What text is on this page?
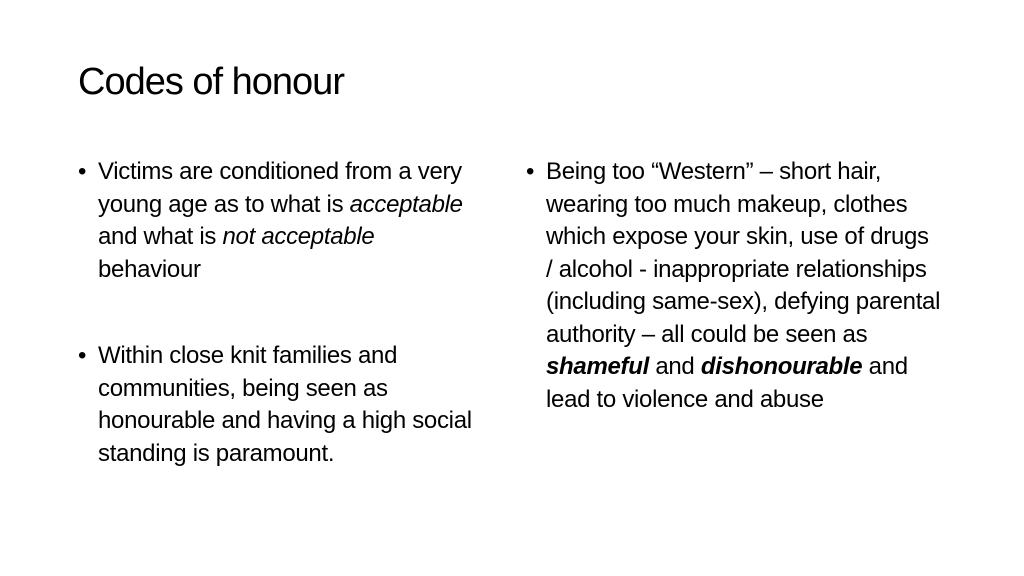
Codes of honour

• Victims are conditioned from a very young age as to what is acceptable and what is not acceptable behaviour

• Within close knit families and communities, being seen as honourable and having a high social standing is paramount.

• Being too “Western” – short hair, wearing too much makeup, clothes which expose your skin, use of drugs / alcohol - inappropriate relationships (including same-sex), defying parental authority – all could be seen as shameful and dishonourable and lead to violence and abuse
